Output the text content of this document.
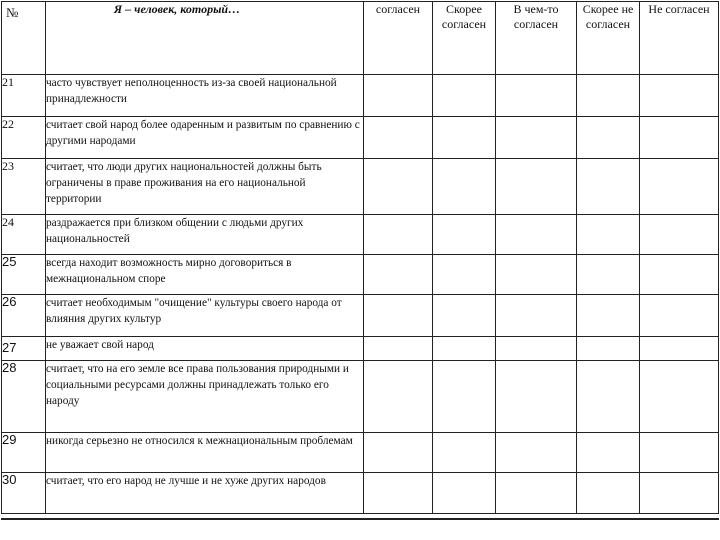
№	Я – человек, который…	согласен	Скорее согласен	В чем-то согласен	Скорее не согласен	Не согласен
21	часто чувствует неполноценность из-за своей национальной принадлежности					
22	считает свой народ более одаренным и развитым по сравнению с другими народами					
23	считает, что люди других национальностей должны быть ограничены в праве проживания на его национальной территории					
24	раздражается при близком общении с людьми других национальностей					
25	всегда находит возможность мирно договориться в межнациональном споре					
26	считает необходимым "очищение" культуры своего народа от влияния других культур					
27	не уважает свой народ					
28	считает, что на его земле все права пользования природными и социальными ресурсами должны принадлежать только его народу					
29	никогда серьезно не относился к межнациональным проблемам					
30	считает, что его народ не лучше и не хуже других народов					
